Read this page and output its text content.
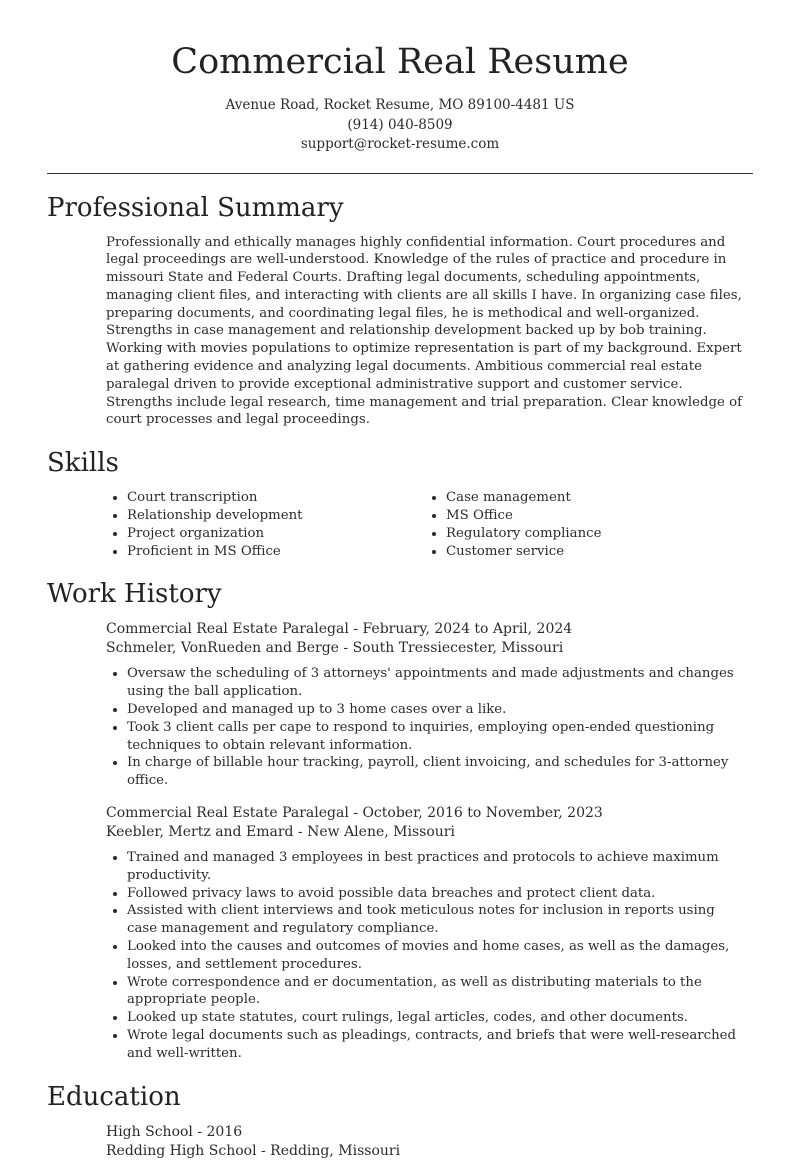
Commercial Real Resume
Avenue Road, Rocket Resume, MO 89100-4481 US
(914) 040-8509
support@rocket-resume.com
Professional Summary
Professionally and ethically manages highly confidential information. Court procedures and legal proceedings are well-understood. Knowledge of the rules of practice and procedure in missouri State and Federal Courts. Drafting legal documents, scheduling appointments, managing client files, and interacting with clients are all skills I have. In organizing case files, preparing documents, and coordinating legal files, he is methodical and well-organized. Strengths in case management and relationship development backed up by bob training. Working with movies populations to optimize representation is part of my background. Expert at gathering evidence and analyzing legal documents. Ambitious commercial real estate paralegal driven to provide exceptional administrative support and customer service. Strengths include legal research, time management and trial preparation. Clear knowledge of court processes and legal proceedings.
Skills
• Court transcription
• Relationship development
• Project organization
• Proficient in MS Office
• Case management
• MS Office
• Regulatory compliance
• Customer service
Work History
Commercial Real Estate Paralegal - February, 2024 to April, 2024
Schmeler, VonRueden and Berge - South Tressiecester, Missouri
• Oversaw the scheduling of 3 attorneys' appointments and made adjustments and changes using the ball application.
• Developed and managed up to 3 home cases over a like.
• Took 3 client calls per cape to respond to inquiries, employing open-ended questioning techniques to obtain relevant information.
• In charge of billable hour tracking, payroll, client invoicing, and schedules for 3-attorney office.
Commercial Real Estate Paralegal - October, 2016 to November, 2023
Keebler, Mertz and Emard - New Alene, Missouri
• Trained and managed 3 employees in best practices and protocols to achieve maximum productivity.
• Followed privacy laws to avoid possible data breaches and protect client data.
• Assisted with client interviews and took meticulous notes for inclusion in reports using case management and regulatory compliance.
• Looked into the causes and outcomes of movies and home cases, as well as the damages, losses, and settlement procedures.
• Wrote correspondence and er documentation, as well as distributing materials to the appropriate people.
• Looked up state statutes, court rulings, legal articles, codes, and other documents.
• Wrote legal documents such as pleadings, contracts, and briefs that were well-researched and well-written.
Education
High School - 2016
Redding High School - Redding, Missouri
